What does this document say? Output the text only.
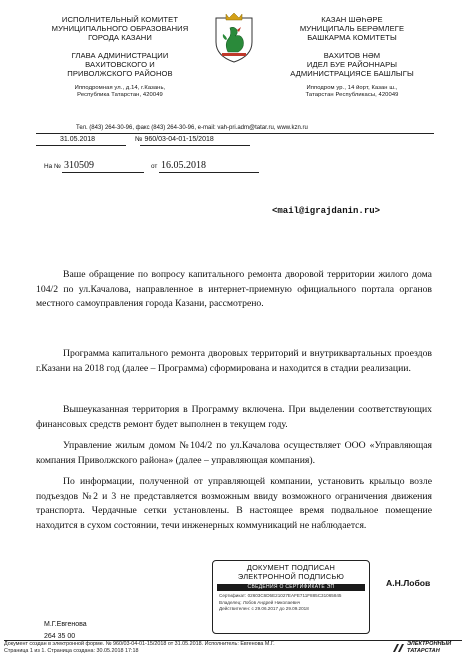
ИСПОЛНИТЕЛЬНЫЙ КОМИТЕТ
МУНИЦИПАЛЬНОГО ОБРАЗОВАНИЯ
ГОРОДА КАЗАНИ
ГЛАВА АДМИНИСТРАЦИИ
ВАХИТОВСКОГО И
ПРИВОЛЖСКОГО РАЙОНОВ
Ипподромная ул., д.14, г.Казань,
Республика Татарстан, 420049
КАЗАН ШӘҺӘРЕ
МУНИЦИПАЛЬ БЕРӘМЛЕГЕ
БАШКАРМА КОМИТЕТЫ
ВАХИТОВ HӘМ
ИДЕЛ БУЕ РАЙОННАРЫ
АДМИНИСТРАЦИЯСЕ БАШЛЫГЫ
Ипподром ур., 14 йорт, Казан ш.,
Татарстан Республикасы, 420049
Тел. (843) 264-30-96, факс (843) 264-30-96, e-mail: vah-pri.adm@tatar.ru, www.kzn.ru
31.05.2018	№ 960/03-04-01-15/2018
На № 310509	от 16.05.2018
<mail@igrajdanin.ru>
Ваше обращение по вопросу капитального ремонта дворовой территории жилого дома 104/2 по ул.Качалова, направленное в интернет-приемную официального портала органов местного самоуправления города Казани, рассмотрено.
Программа капитального ремонта дворовых территорий и внутриквартальных проездов г.Казани на 2018 год (далее – Программа) сформирована и находится в стадии реализации.
Вышеуказанная территория в Программу включена. При выделении соответствующих финансовых средств ремонт будет выполнен в текущем году.
Управление жилым домом №104/2 по ул.Качалова осуществляет ООО «Управляющая компания Приволжского района» (далее – управляющая компания).
По информации, полученной от управляющей компании, установить крыльцо возле подъездов №2 и 3 не представляется возможным ввиду возможного ограничения движения транспорта. Чердачные сетки установлены. В настоящее время подвальное помещение находится в сухом состоянии, течи инженерных коммуникаций не наблюдается.
ДОКУМЕНТ ПОДПИСАН
ЭЛЕКТРОННОЙ ПОДПИСЬЮ
СВЕДЕНИЯ О СЕРТИФИКАТЕ ЭП
Сертификат: 02603C6D5E21027EAFE711F885C31065845
Владелец: Лобов Андрей Николаевич
Действителен: с 29.06.2017 до 29.09.2018
А.Н.Лобов
М.Г.Евгенова
264 35 00
Документ создан в электронной форме. № 960/03-04-01-15/2018 от 31.05.2018. Исполнитель: Евгенова М.Г.
Страница 1 из 1. Страница создана: 30.05.2018 17:18
ЭЛЕКТРОННЫЙ
ТАТАРСТАН
